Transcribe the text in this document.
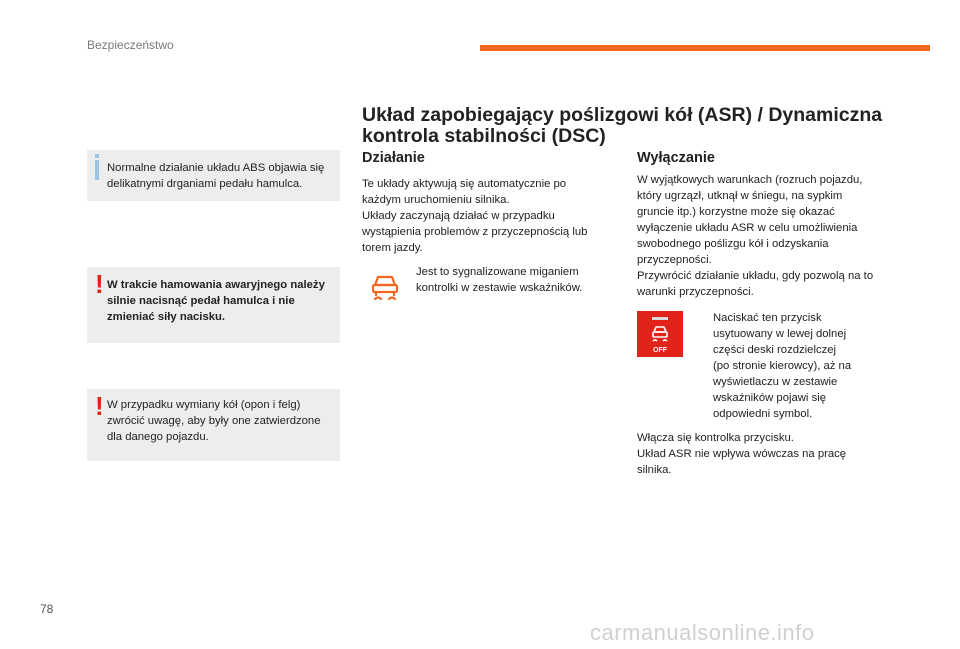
Bezpieczeństwo
Normalne działanie układu ABS objawia się delikatnymi drganiami pedału hamulca.
! W trakcie hamowania awaryjnego należy silnie nacisnąć pedał hamulca i nie zmieniać siły nacisku.
! W przypadku wymiany kół (opon i felg) zwrócić uwagę, aby były one zatwierdzone dla danego pojazdu.
Układ zapobiegający poślizgowi kół (ASR) / Dynamiczna
kontrola stabilności (DSC)
Działanie
Te układy aktywują się automatycznie po
każdym uruchomieniu silnika.
Układy zaczynają działać w przypadku
wystąpienia problemów z przyczepnością lub
torem jazdy.
Jest to sygnalizowane miganiem
kontrolki w zestawie wskaźników.
Wyłączanie
W wyjątkowych warunkach (rozruch pojazdu,
który ugrzązł, utknął w śniegu, na sypkim
gruncie itp.) korzystne może się okazać
wyłączenie układu ASR w celu umożliwienia
swobodnego poślizgu kół i odzyskania
przyczepności.
Przywrócić działanie układu, gdy pozwolą na to
warunki przyczepności.
OFF
Naciskać ten przycisk
usytuowany w lewej dolnej
części deski rozdzielczej
(po stronie kierowcy), aż na
wyświetlaczu w zestawie
wskaźników pojawi się
odpowiedni symbol.
Włącza się kontrolka przycisku.
Układ ASR nie wpływa wówczas na pracę
silnika.
78
carmanualsonline.info
